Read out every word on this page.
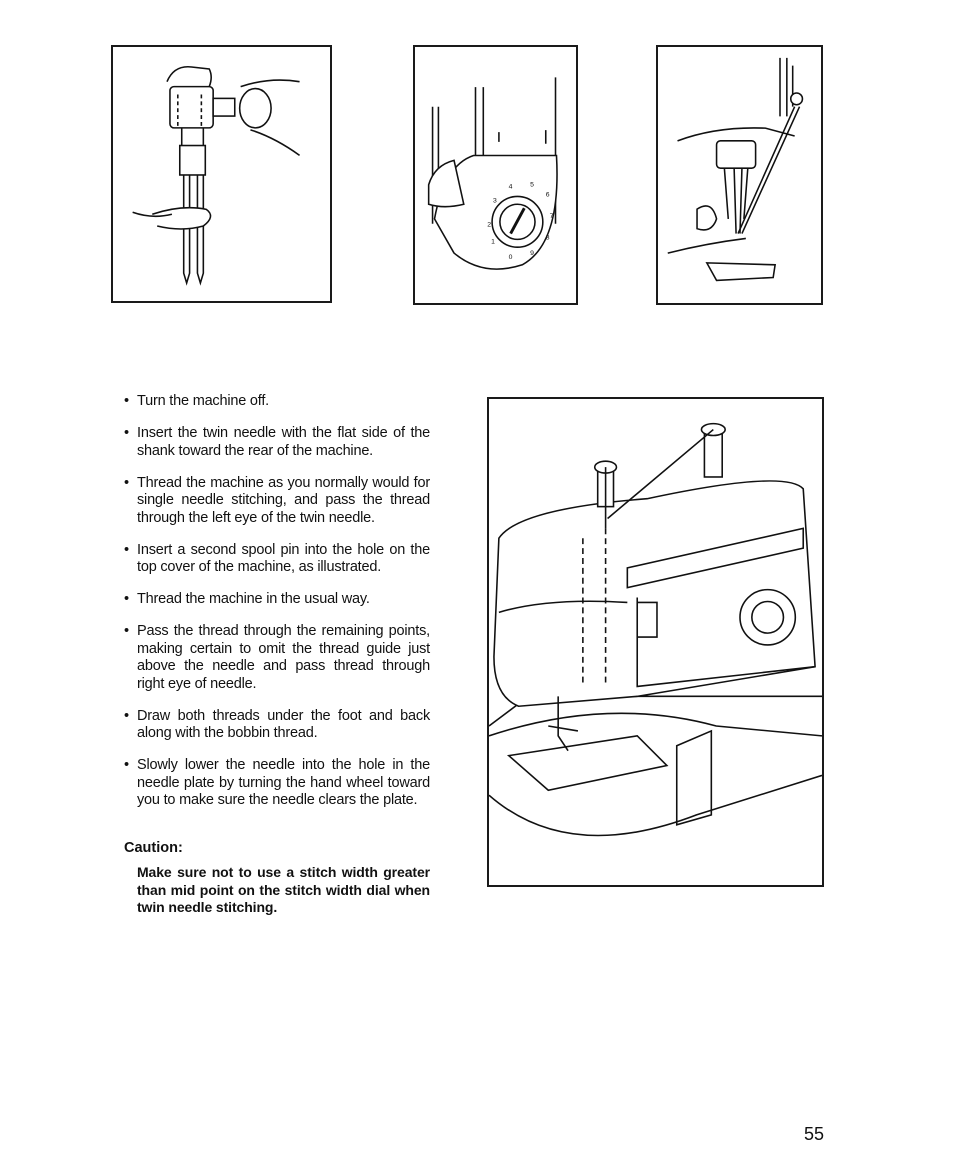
1
2
3
4	5
6
7
8
9
0
• Turn the machine off.
• Insert the twin needle with the flat side of the shank toward the rear of the machine.
• Thread the machine as you normally would for single needle stitching, and pass the thread through the left eye of the twin needle.
• Insert a second spool pin into the hole on the top cover of the machine, as illustrated.
• Thread the machine in the usual way.
• Pass the thread through the remaining points, making certain to omit the thread guide just above the needle and pass thread through right eye of needle.
• Draw both threads under the foot and back along with the bobbin thread.
• Slowly lower the needle into the hole in the needle plate by turning the hand wheel toward you to make sure the needle clears the plate.

Caution:

Make sure not to use a stitch width greater than mid point on the stitch width dial when twin needle stitching.

55
